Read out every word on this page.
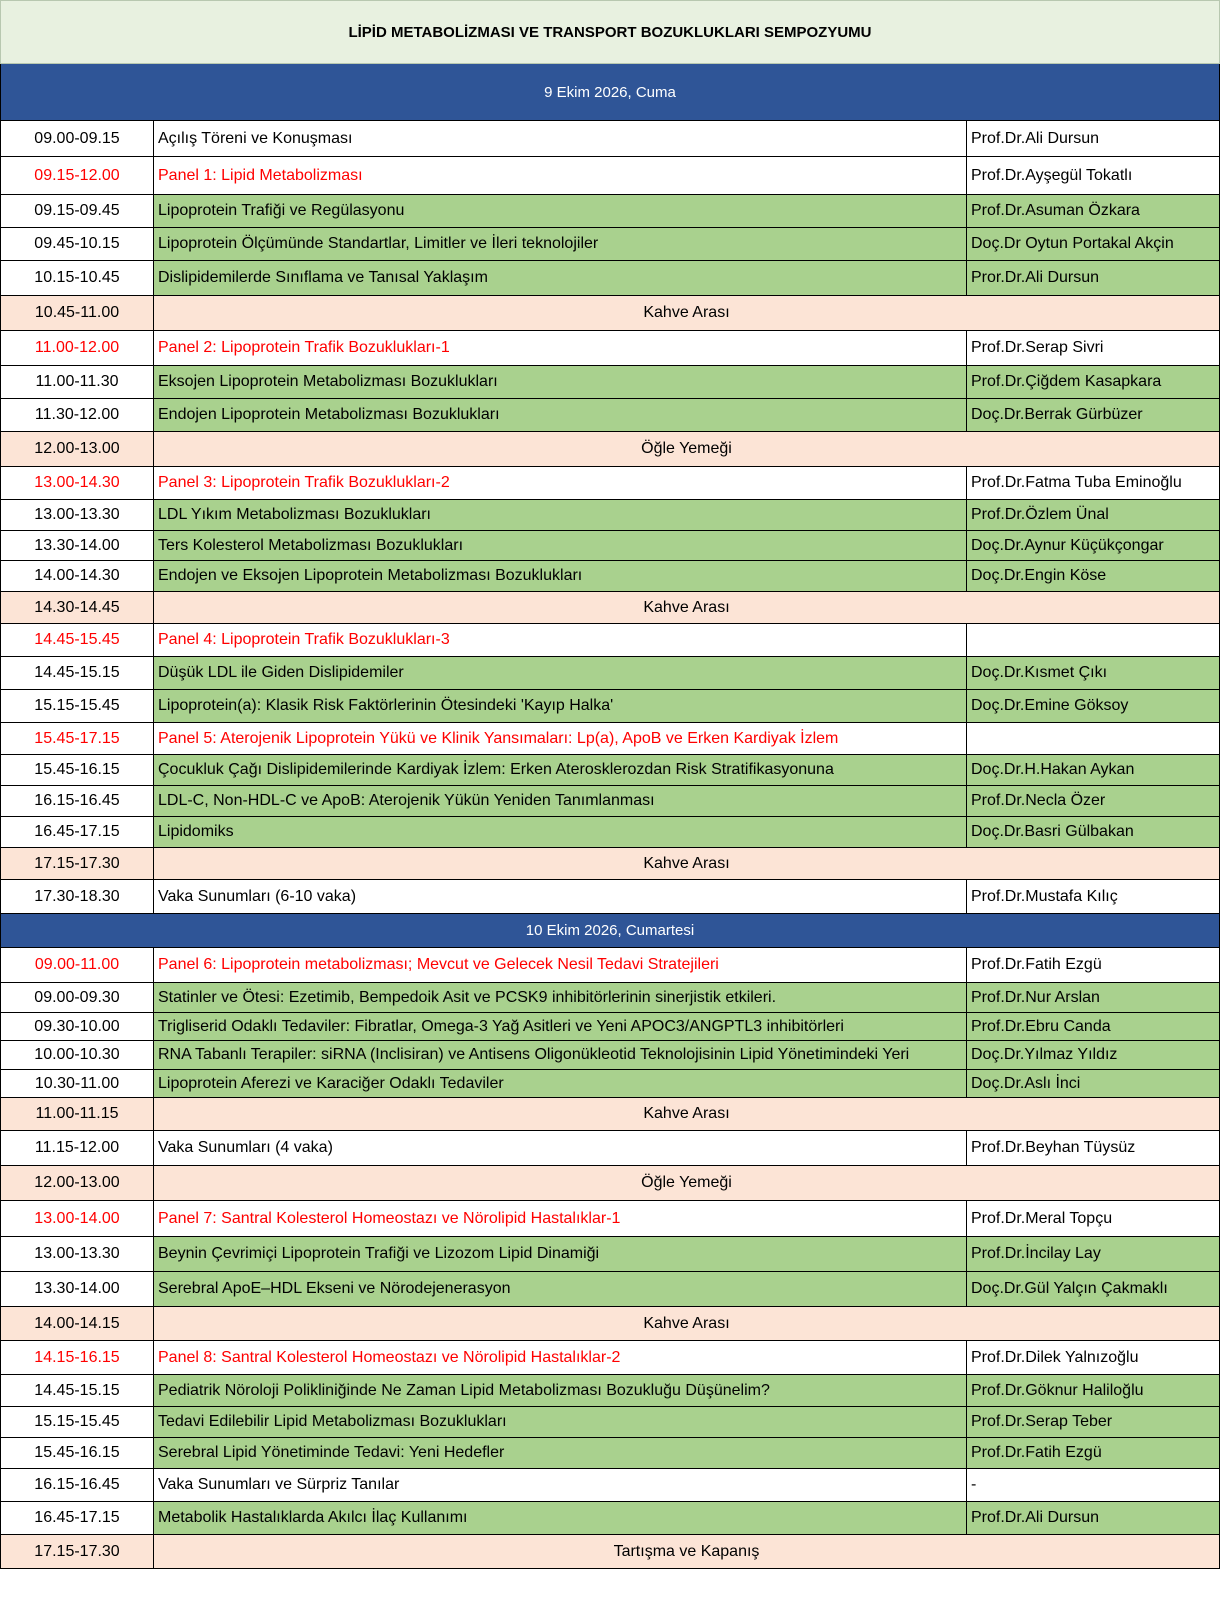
LİPİD METABOLİZMASI VE TRANSPORT BOZUKLUKLARI SEMPOZYUMU
9 Ekim 2026, Cuma
09.00-09.15	Açılış Töreni ve Konuşması	Prof.Dr.Ali Dursun
09.15-12.00	Panel 1: Lipid Metabolizması	Prof.Dr.Ayşegül Tokatlı
09.15-09.45	Lipoprotein Trafiği ve Regülasyonu	Prof.Dr.Asuman Özkara
09.45-10.15	Lipoprotein Ölçümünde Standartlar, Limitler ve İleri teknolojiler	Doç.Dr Oytun Portakal Akçin
10.15-10.45	Dislipidemilerde Sınıflama ve Tanısal Yaklaşım	Pror.Dr.Ali Dursun
10.45-11.00	Kahve Arası
11.00-12.00	Panel 2: Lipoprotein Trafik Bozuklukları-1	Prof.Dr.Serap Sivri
11.00-11.30	Eksojen Lipoprotein Metabolizması Bozuklukları	Prof.Dr.Çiğdem Kasapkara
11.30-12.00	Endojen Lipoprotein Metabolizması Bozuklukları	Doç.Dr.Berrak Gürbüzer
12.00-13.00	Öğle Yemeği
13.00-14.30	Panel 3: Lipoprotein Trafik Bozuklukları-2	Prof.Dr.Fatma Tuba Eminoğlu
13.00-13.30	LDL Yıkım Metabolizması Bozuklukları	Prof.Dr.Özlem Ünal
13.30-14.00	Ters Kolesterol Metabolizması Bozuklukları	Doç.Dr.Aynur Küçükçongar
14.00-14.30	Endojen ve Eksojen Lipoprotein Metabolizması Bozuklukları	Doç.Dr.Engin Köse
14.30-14.45	Kahve Arası
14.45-15.45	Panel 4: Lipoprotein Trafik Bozuklukları-3
14.45-15.15	Düşük LDL ile Giden Dislipidemiler	Doç.Dr.Kısmet Çıkı
15.15-15.45	Lipoprotein(a): Klasik Risk Faktörlerinin Ötesindeki 'Kayıp Halka'	Doç.Dr.Emine Göksoy
15.45-17.15	Panel 5: Aterojenik Lipoprotein Yükü ve Klinik Yansımaları: Lp(a), ApoB ve Erken Kardiyak İzlem
15.45-16.15	Çocukluk Çağı Dislipidemilerinde Kardiyak İzlem: Erken Aterosklerozdan Risk Stratifikasyonuna	Doç.Dr.H.Hakan Aykan
16.15-16.45	LDL-C, Non-HDL-C ve ApoB: Aterojenik Yükün Yeniden Tanımlanması	Prof.Dr.Necla Özer
16.45-17.15	Lipidomiks	Doç.Dr.Basri Gülbakan
17.15-17.30	Kahve Arası
17.30-18.30	Vaka Sunumları (6-10 vaka)	Prof.Dr.Mustafa Kılıç
10 Ekim 2026, Cumartesi
09.00-11.00	Panel 6: Lipoprotein metabolizması; Mevcut ve Gelecek Nesil Tedavi Stratejileri	Prof.Dr.Fatih Ezgü
09.00-09.30	Statinler ve Ötesi: Ezetimib, Bempedoik Asit ve PCSK9 inhibitörlerinin sinerjistik etkileri.	Prof.Dr.Nur Arslan
09.30-10.00	Trigliserid Odaklı Tedaviler: Fibratlar, Omega-3 Yağ Asitleri ve Yeni APOC3/ANGPTL3 inhibitörleri	Prof.Dr.Ebru Canda
10.00-10.30	RNA Tabanlı Terapiler: siRNA (Inclisiran) ve Antisens Oligonükleotid Teknolojisinin Lipid Yönetimindeki Yeri	Doç.Dr.Yılmaz Yıldız
10.30-11.00	Lipoprotein Aferezi ve Karaciğer Odaklı Tedaviler	Doç.Dr.Aslı İnci
11.00-11.15	Kahve Arası
11.15-12.00	Vaka Sunumları (4 vaka)	Prof.Dr.Beyhan Tüysüz
12.00-13.00	Öğle Yemeği
13.00-14.00	Panel 7: Santral Kolesterol Homeostazı ve Nörolipid Hastalıklar-1	Prof.Dr.Meral Topçu
13.00-13.30	Beynin Çevrimiçi Lipoprotein Trafiği ve Lizozom Lipid Dinamiği	Prof.Dr.İncilay Lay
13.30-14.00	Serebral ApoE–HDL Ekseni ve Nörodejenerasyon	Doç.Dr.Gül Yalçın Çakmaklı
14.00-14.15	Kahve Arası
14.15-16.15	Panel 8: Santral Kolesterol Homeostazı ve Nörolipid Hastalıklar-2	Prof.Dr.Dilek Yalnızoğlu
14.45-15.15	Pediatrik Nöroloji Polikliniğinde Ne Zaman Lipid Metabolizması Bozukluğu Düşünelim?	Prof.Dr.Göknur Haliloğlu
15.15-15.45	Tedavi Edilebilir Lipid Metabolizması Bozuklukları	Prof.Dr.Serap Teber
15.45-16.15	Serebral Lipid Yönetiminde Tedavi: Yeni Hedefler	Prof.Dr.Fatih Ezgü
16.15-16.45	Vaka Sunumları ve Sürpriz Tanılar	-
16.45-17.15	Metabolik Hastalıklarda Akılcı İlaç Kullanımı	Prof.Dr.Ali Dursun
17.15-17.30	Tartışma ve Kapanış
